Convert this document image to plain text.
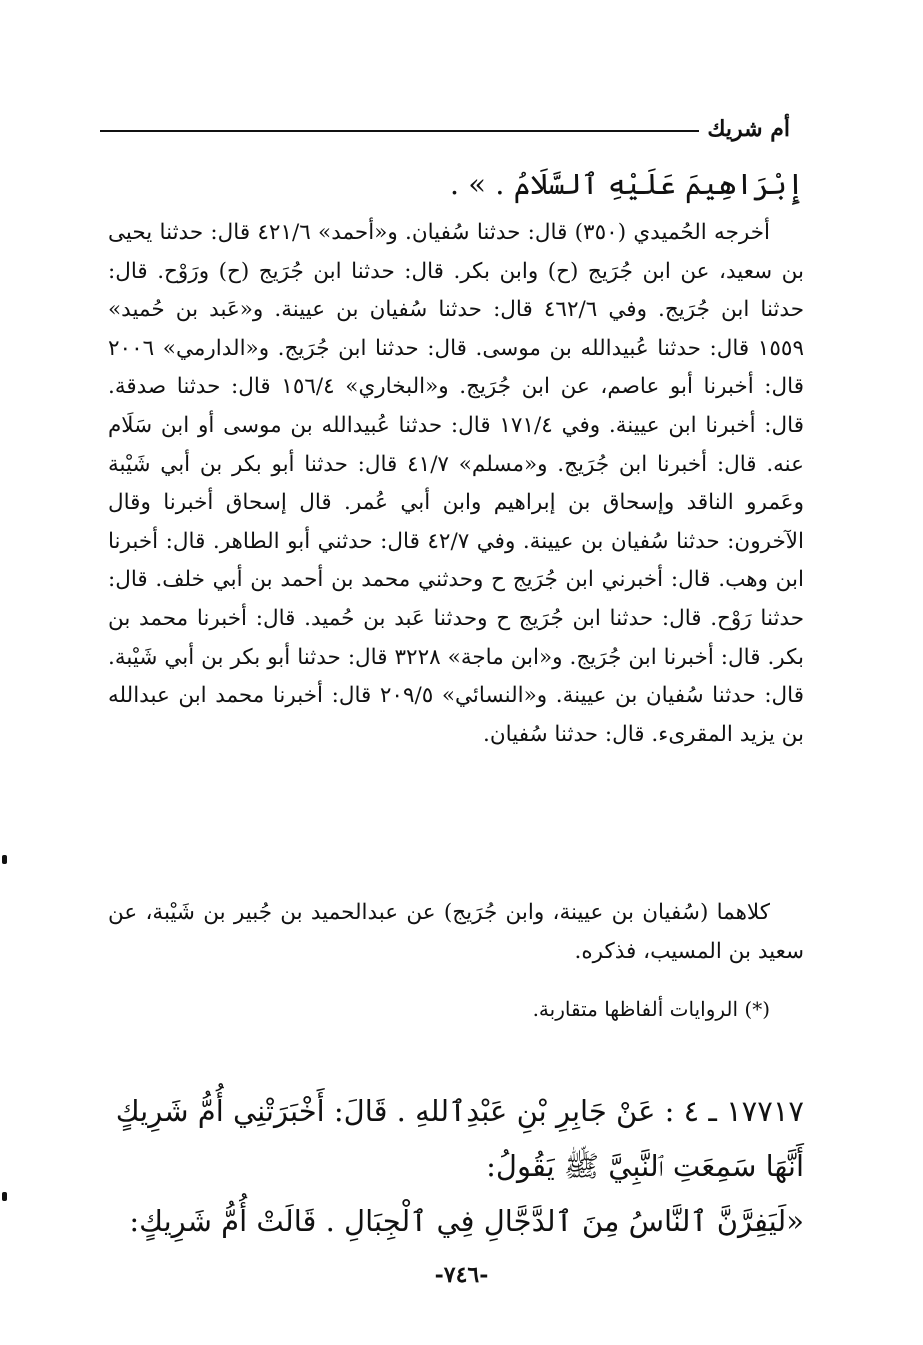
أم شريك
إِبْرَاهِيمَ عَلَيْهِ ٱلسَّلَامُ . » .

أخرجه الحُميدي (٣٥٠) قال: حدثنا سُفيان. و«أحمد» ٤٢١/٦ قال: حدثنا يحيى بن سعيد، عن ابن جُرَيج (ح) وابن بكر. قال: حدثنا ابن جُرَيج (ح) ورَوْح. قال: حدثنا ابن جُرَيج. وفي ٤٦٢/٦ قال: حدثنا سُفيان بن عيينة. و«عَبد بن حُميد» ١٥٥٩ قال: حدثنا عُبيدالله بن موسى. قال: حدثنا ابن جُرَيج. و«الدارمي» ٢٠٠٦ قال: أخبرنا أبو عاصم، عن ابن جُرَيج. و«البخاري» ١٥٦/٤ قال: حدثنا صدقة. قال: أخبرنا ابن عيينة. وفي ١٧١/٤ قال: حدثنا عُبيدالله بن موسى أو ابن سَلَام عنه. قال: أخبرنا ابن جُرَيج. و«مسلم» ٤١/٧ قال: حدثنا أبو بكر بن أبي شَيْبة وعَمرو الناقد وإسحاق بن إبراهيم وابن أبي عُمر. قال إسحاق أخبرنا وقال الآخرون: حدثنا سُفيان بن عيينة. وفي ٤٢/٧ قال: حدثني أبو الطاهر. قال: أخبرنا ابن وهب. قال: أخبرني ابن جُرَيج ح وحدثني محمد بن أحمد بن أبي خلف. قال: حدثنا رَوْح. قال: حدثنا ابن جُرَيج ح وحدثنا عَبد بن حُميد. قال: أخبرنا محمد بن بكر. قال: أخبرنا ابن جُرَيج. و«ابن ماجة» ٣٢٢٨ قال: حدثنا أبو بكر بن أبي شَيْبة. قال: حدثنا سُفيان بن عيينة. و«النسائي» ٢٠٩/٥ قال: أخبرنا محمد ابن عبدالله بن يزيد المقرىء. قال: حدثنا سُفيان.

كلاهما (سُفيان بن عيينة، وابن جُرَيج) عن عبدالحميد بن جُبير بن شَيْبة، عن سعيد بن المسيب، فذكره.

(*) الروايات ألفاظها متقاربة.

١٧٧١٧ ـ ٤ : عَنْ جَابِرِ بْنِ عَبْدِٱللهِ . قَالَ: أَخْبَرَتْنِي أُمُّ شَرِيكٍ

أَنَّهَا سَمِعَتِ ٱلنَّبِيَّ ﷺ يَقُولُ:

«لَيَفِرَّنَّ ٱلنَّاسُ مِنَ ٱلدَّجَّالِ فِي ٱلْجِبَالِ . قَالَتْ أُمُّ شَرِيكٍ:

-٧٤٦-
